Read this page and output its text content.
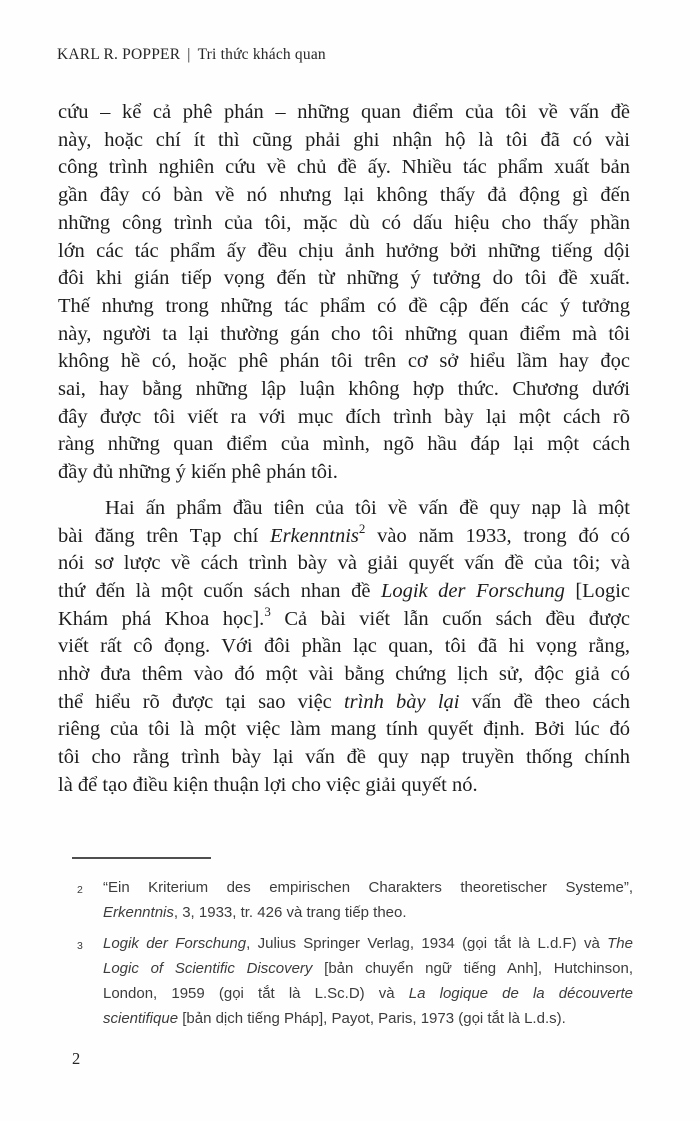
KARL R. POPPER | Tri thức khách quan
cứu – kể cả phê phán – những quan điểm của tôi về vấn đề
này, hoặc chí ít thì cũng phải ghi nhận hộ là tôi đã có vài
công trình nghiên cứu về chủ đề ấy. Nhiều tác phẩm xuất bản
gần đây có bàn về nó nhưng lại không thấy đả động gì đến
những công trình của tôi, mặc dù có dấu hiệu cho thấy phần
lớn các tác phẩm ấy đều chịu ảnh hưởng bởi những tiếng dội
đôi khi gián tiếp vọng đến từ những ý tưởng do tôi đề xuất.
Thế nhưng trong những tác phẩm có đề cập đến các ý tưởng
này, người ta lại thường gán cho tôi những quan điểm mà tôi
không hề có, hoặc phê phán tôi trên cơ sở hiểu lầm hay đọc
sai, hay bằng những lập luận không hợp thức. Chương dưới
đây được tôi viết ra với mục đích trình bày lại một cách rõ
ràng những quan điểm của mình, ngõ hầu đáp lại một cách
đầy đủ những ý kiến phê phán tôi.
Hai ấn phẩm đầu tiên của tôi về vấn đề quy nạp là một
bài đăng trên Tạp chí Erkenntnis$^2$ vào năm 1933, trong đó có
nói sơ lược về cách trình bày và giải quyết vấn đề của tôi; và
thứ đến là một cuốn sách nhan đề Logik der Forschung [Logic
Khám phá Khoa học].$^3$ Cả bài viết lẫn cuốn sách đều được
viết rất cô đọng. Với đôi phần lạc quan, tôi đã hi vọng rằng,
nhờ đưa thêm vào đó một vài bằng chứng lịch sử, độc giả có
thể hiểu rõ được tại sao việc trình bày lại vấn đề theo cách
riêng của tôi là một việc làm mang tính quyết định. Bởi lúc đó
tôi cho rằng trình bày lại vấn đề quy nạp truyền thống chính
là để tạo điều kiện thuận lợi cho việc giải quyết nó.
2	“Ein Kriterium des empirischen Charakters theoretischer Systeme”,
Erkenntnis, 3, 1933, tr. 426 và trang tiếp theo.
3	Logik der Forschung, Julius Springer Verlag, 1934 (gọi tắt là L.d.F) và The
Logic of Scientific Discovery [bản chuyển ngữ tiếng Anh], Hutchinson,
London, 1959 (gọi tắt là L.Sc.D) và La logique de la découverte
scientifique [bản dịch tiếng Pháp], Payot, Paris, 1973 (gọi tắt là L.d.s).
2
